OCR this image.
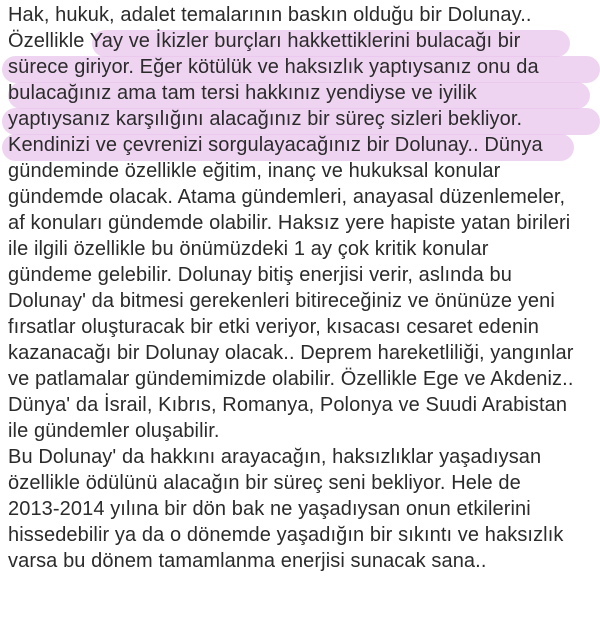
Hak, hukuk, adalet temalarının baskın olduğu bir Dolunay..
Özellikle Yay ve İkizler burçları hakkettiklerini bulacağı bir
sürece giriyor. Eğer kötülük ve haksızlık yaptıysanız onu da
bulacağınız ama tam tersi hakkınız yendiyse ve iyilik
yaptıysanız karşılığını alacağınız bir süreç sizleri bekliyor.
Kendinizi ve çevrenizi sorgulayacağınız bir Dolunay.. Dünya
gündeminde özellikle eğitim, inanç ve hukuksal konular
gündemde olacak. Atama gündemleri, anayasal düzenlemeler,
af konuları gündemde olabilir. Haksız yere hapiste yatan birileri
ile ilgili özellikle bu önümüzdeki 1 ay çok kritik konular
gündeme gelebilir. Dolunay bitiş enerjisi verir, aslında bu
Dolunay' da bitmesi gerekenleri bitireceğiniz ve önünüze yeni
fırsatlar oluşturacak bir etki veriyor, kısacası cesaret edenin
kazanacağı bir Dolunay olacak.. Deprem hareketliliği, yangınlar
ve patlamalar gündemimizde olabilir. Özellikle Ege ve Akdeniz..
Dünya' da İsrail, Kıbrıs, Romanya, Polonya ve Suudi Arabistan
ile gündemler oluşabilir.
Bu Dolunay' da hakkını arayacağın, haksızlıklar yaşadıysan
özellikle ödülünü alacağın bir süreç seni bekliyor. Hele de
2013-2014 yılına bir dön bak ne yaşadıysan onun etkilerini
hissedebilir ya da o dönemde yaşadığın bir sıkıntı ve haksızlık
varsa bu dönem tamamlanma enerjisi sunacak sana..
